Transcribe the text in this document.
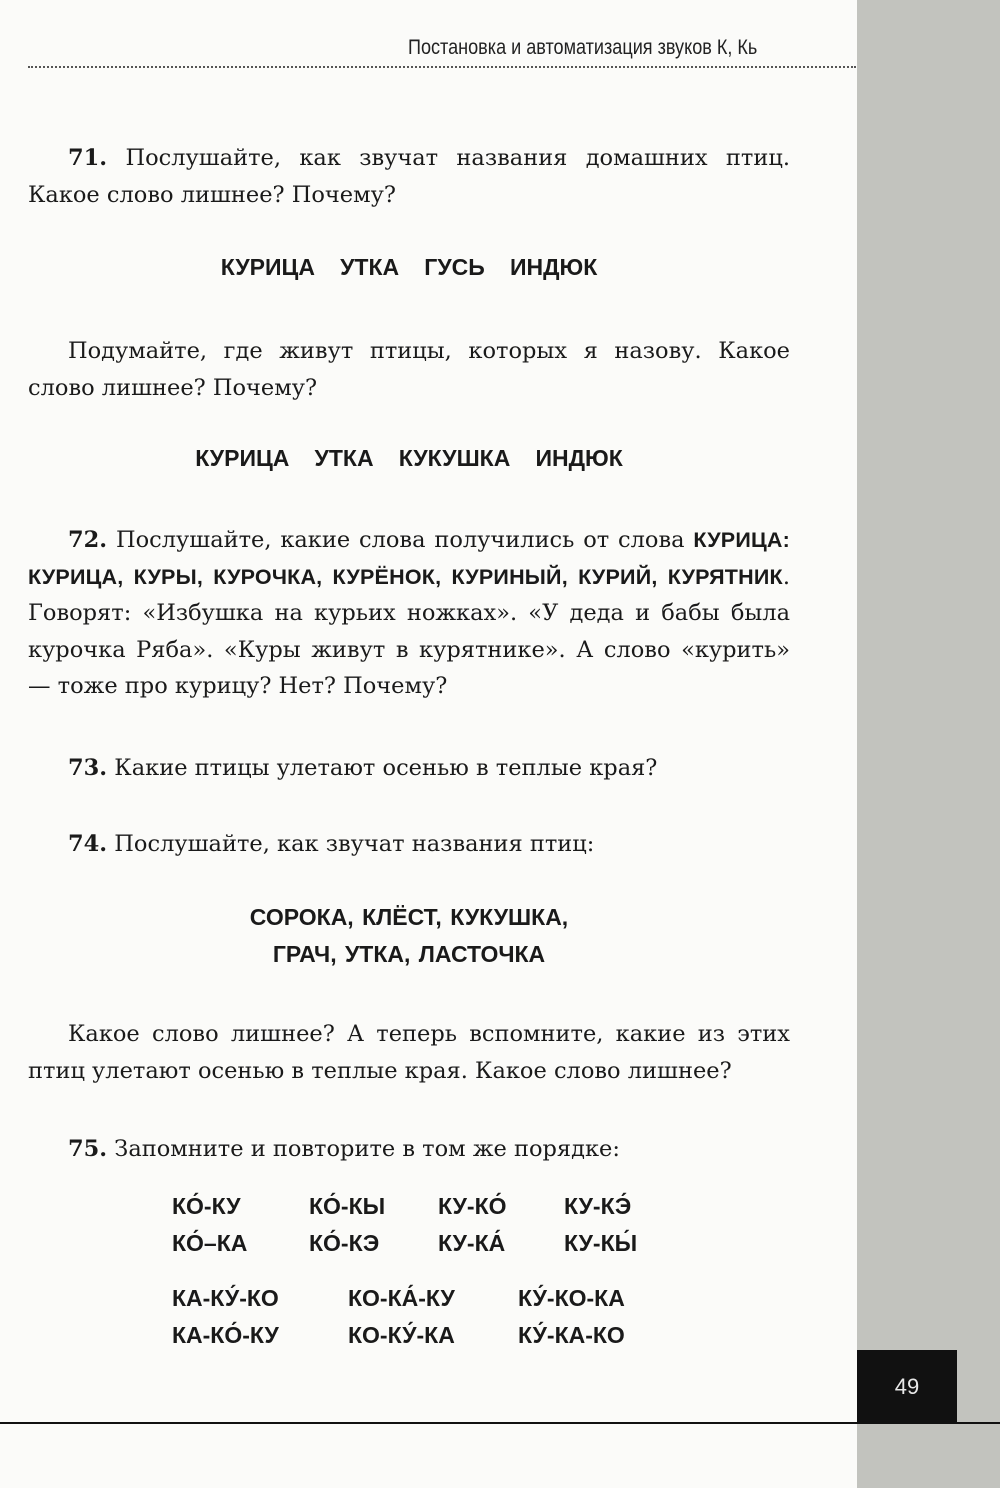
Постановка и автоматизация звуков К, Кь
71. Послушайте, как звучат названия домашних птиц. Какое слово лишнее? Почему?
КУРИЦА   УТКА   ГУСЬ   ИНДЮК
Подумайте, где живут птицы, которых я назову. Какое слово лишнее? Почему?
КУРИЦА   УТКА   КУКУШКА   ИНДЮК
72. Послушайте, какие слова получились от слова КУРИЦА: КУРИЦА, КУРЫ, КУРОЧКА, КУРЁНОК, КУРИНЫЙ, КУРИЙ, КУРЯТНИК. Говорят: «Избушка на курьих ножках». «У деда и бабы была курочка Ряба». «Куры живут в курятнике». А слово «курить» — тоже про курицу? Нет? Почему?
73. Какие птицы улетают осенью в теплые края?
74. Послушайте, как звучат названия птиц:
СОРОКА, КЛЁСТ, КУКУШКА,
ГРАЧ, УТКА, ЛАСТОЧКА
Какое слово лишнее? А теперь вспомните, какие из этих птиц улетают осенью в теплые края. Какое слово лишнее?
75. Запомните и повторите в том же порядке:
КО́-КУ	КО́-КЫ КУ-КО́ КУ-КЭ́
КО́–КА	КО́-КЭ	КУ-КА́	КУ-КЫ́
КА-КУ́-КО	КО-КА́-КУ	КУ́-КО-КА
КА-КО́-КУ	КО-КУ́-КА	КУ́-КА-КО
49
